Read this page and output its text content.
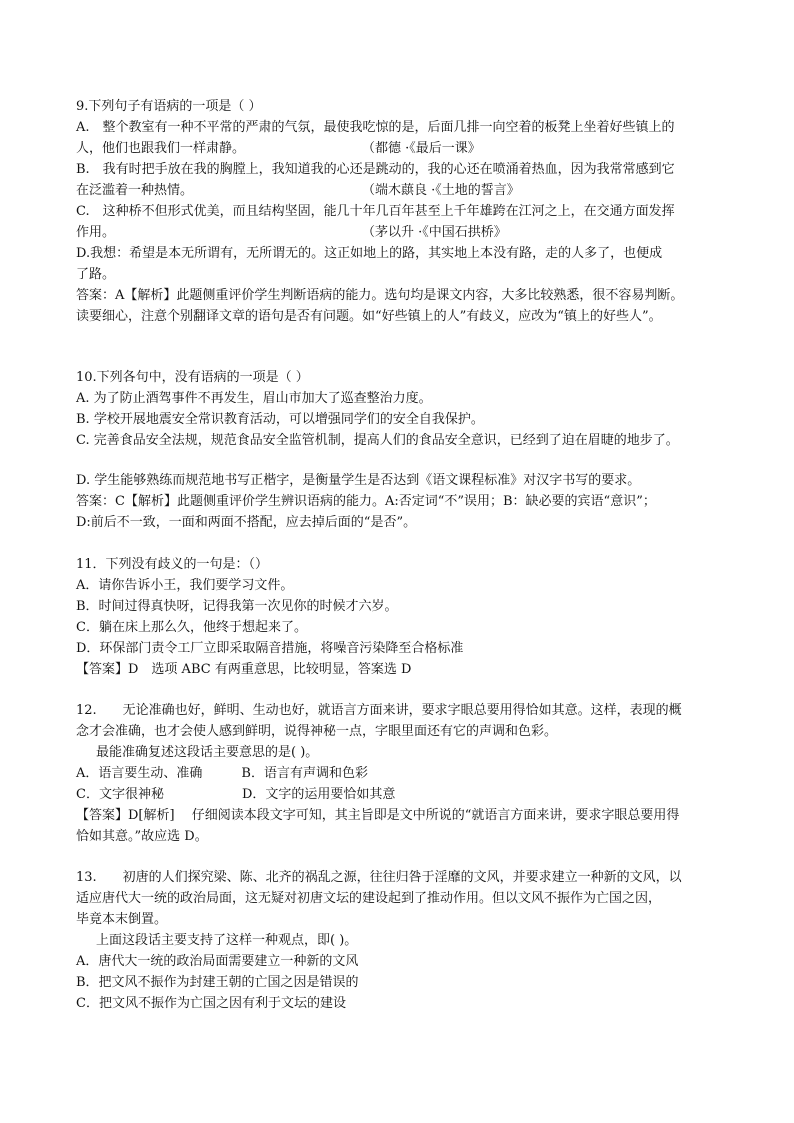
9.下列句子有语病的一项是（ ）
A.　整个教室有一种不平常的严肃的气氛，最使我吃惊的是，后面几排一向空着的板凳上坐着好些镇上的
人，他们也跟我们一样肃静。	（都德 ·《最后一课》
B.　我有时把手放在我的胸膛上，我知道我的心还是跳动的，我的心还在喷涌着热血，因为我常常感到它
在泛滥着一种热情。	（端木蕻良 ·《土地的誓言》
C.　这种桥不但形式优美，而且结构坚固，能几十年几百年甚至上千年雄跨在江河之上，在交通方面发挥
作用。	（茅以升 ·《中国石拱桥》
D.我想：希望是本无所谓有，无所谓无的。这正如地上的路，其实地上本没有路，走的人多了，也便成
了路。
答案：A【解析】此题侧重评价学生判断语病的能力。选句均是课文内容，大多比较熟悉，很不容易判断。
读要细心，注意个别翻译文章的语句是否有问题。如“好些镇上的人”有歧义，应改为“镇上的好些人”。
10.下列各句中，没有语病的一项是（ ）
A. 为了防止酒驾事件不再发生，眉山市加大了巡查整治力度。
B. 学校开展地震安全常识教育活动，可以增强同学们的安全自我保护。
C. 完善食品安全法规，规范食品安全监管机制，提高人们的食品安全意识，已经到了迫在眉睫的地步了。
D. 学生能够熟练而规范地书写正楷字，是衡量学生是否达到《语文课程标准》对汉字书写的要求。
答案：C【解析】此题侧重评价学生辨识语病的能力。A:否定词“不”误用；B：缺必要的宾语“意识”；
D:前后不一致，一面和两面不搭配，应去掉后面的“是否”。
11．下列没有歧义的一句是：（）
A．请你告诉小王，我们要学习文件。
B．时间过得真快呀，记得我第一次见你的时候才六岁。
C．躺在床上那么久，他终于想起来了。
D．环保部门责令工厂立即采取隔音措施，将噪音污染降至合格标准
【答案】D　选项 ABC 有两重意思，比较明显，答案选 D
12.　　无论准确也好，鲜明、生动也好，就语言方面来讲，要求字眼总要用得恰如其意。这样，表现的概
念才会准确，也才会使人感到鲜明，说得神秘一点，字眼里面还有它的声调和色彩。
最能准确复述这段话主要意思的是( )。
A．语言要生动、准确　　　B．语言有声调和色彩
C．文字很神秘　　　　　　D．文字的运用要恰如其意
【答案】D[解析]　 仔细阅读本段文字可知，其主旨即是文中所说的“就语言方面来讲，要求字眼总要用得
恰如其意。”故应选 D。
13.　　初唐的人们探究梁、陈、北齐的祸乱之源，往往归咎于淫靡的文风，并要求建立一种新的文风，以
适应唐代大一统的政治局面，这无疑对初唐文坛的建设起到了推动作用。但以文风不振作为亡国之因，
毕竟本末倒置。
上面这段话主要支持了这样一种观点，即( )。
A．唐代大一统的政治局面需要建立一种新的文风
B．把文风不振作为封建王朝的亡国之因是错误的
C．把文风不振作为亡国之因有利于文坛的建设
